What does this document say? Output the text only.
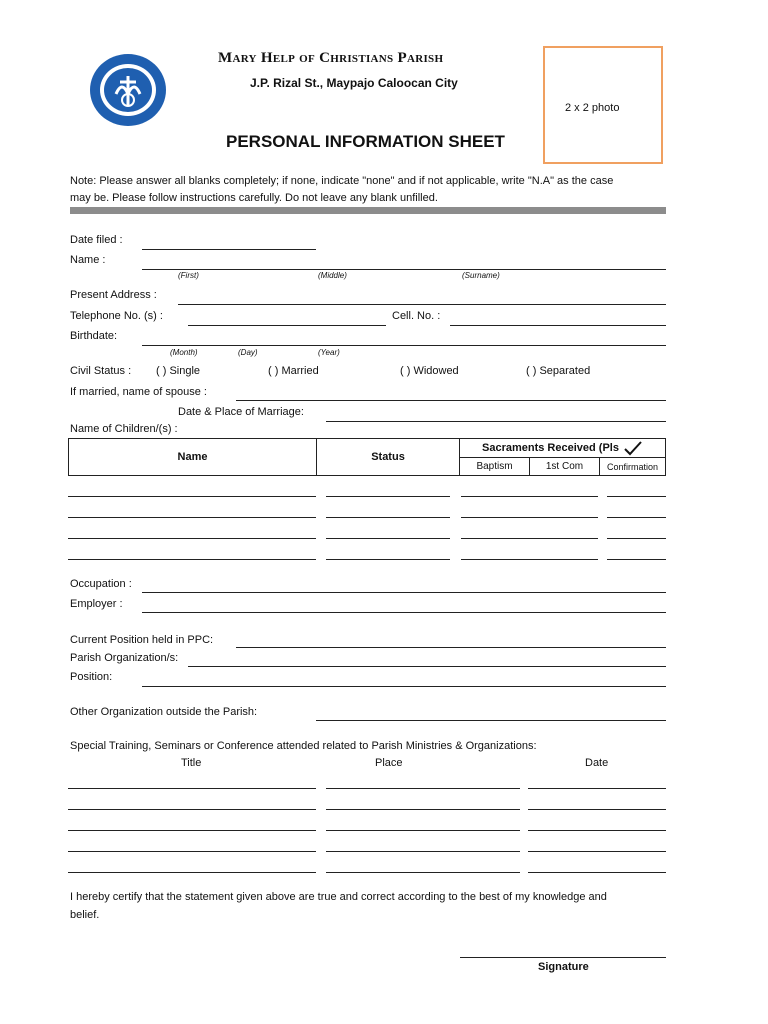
Mary Help of Christians Parish
J.P. Rizal St., Maypajo Caloocan City
PERSONAL INFORMATION SHEET
2 x 2 photo
Note: Please answer all blanks completely; if none, indicate "none" and if not applicable, write "N.A" as the case
may be. Please follow instructions carefully. Do not leave any blank unfilled.
Date filed :
Name :
(First)	(Middle)	(Surname)
Present Address :
Telephone No. (s) :	Cell. No. :
Birthdate:
(Month)	(Day)	(Year)
Civil Status : ( ) Single	( ) Married	( ) Widowed	( ) Separated
If married, name of spouse :
Date & Place of Marriage:
Name of Children/(s) :
Name	Status
Sacraments Received (Pls
Baptism	1st Com	Confirmation
Occupation :
Employer :
Current Position held in PPC:
Parish Organization/s:
Position:
Other Organization outside the Parish:
Special Training, Seminars or Conference attended related to Parish Ministries & Organizations:
Title	Place	Date
I hereby certify that the statement given above are true and correct according to the best of my knowledge and
belief.
Signature
